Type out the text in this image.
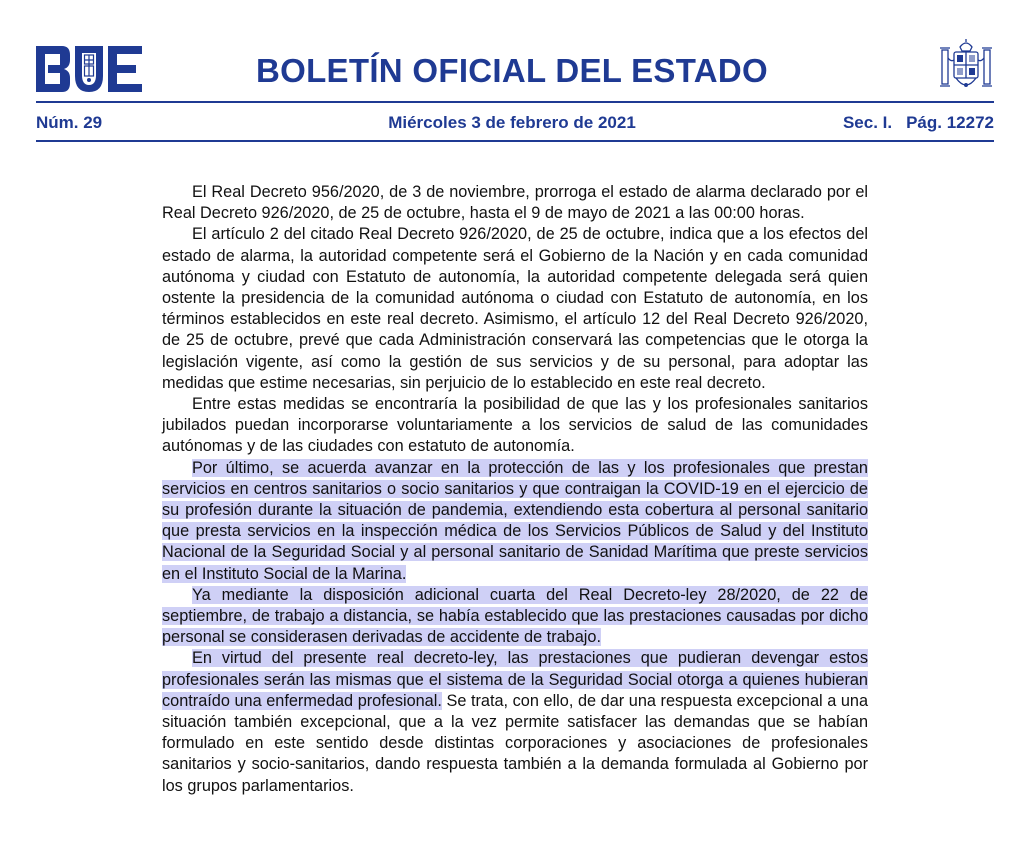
BOLETÍN OFICIAL DEL ESTADO
Núm. 29	Miércoles 3 de febrero de 2021	Sec. I. Pág. 12272

El Real Decreto 956/2020, de 3 de noviembre, prorroga el estado de alarma declarado por el Real Decreto 926/2020, de 25 de octubre, hasta el 9 de mayo de 2021 a las 00:00 horas.

El artículo 2 del citado Real Decreto 926/2020, de 25 de octubre, indica que a los efectos del estado de alarma, la autoridad competente será el Gobierno de la Nación y en cada comunidad autónoma y ciudad con Estatuto de autonomía, la autoridad competente delegada será quien ostente la presidencia de la comunidad autónoma o ciudad con Estatuto de autonomía, en los términos establecidos en este real decreto. Asimismo, el artículo 12 del Real Decreto 926/2020, de 25 de octubre, prevé que cada Administración conservará las competencias que le otorga la legislación vigente, así como la gestión de sus servicios y de su personal, para adoptar las medidas que estime necesarias, sin perjuicio de lo establecido en este real decreto.

Entre estas medidas se encontraría la posibilidad de que las y los profesionales sanitarios jubilados puedan incorporarse voluntariamente a los servicios de salud de las comunidades autónomas y de las ciudades con estatuto de autonomía.

Por último, se acuerda avanzar en la protección de las y los profesionales que prestan servicios en centros sanitarios o socio sanitarios y que contraigan la COVID-19 en el ejercicio de su profesión durante la situación de pandemia, extendiendo esta cobertura al personal sanitario que presta servicios en la inspección médica de los Servicios Públicos de Salud y del Instituto Nacional de la Seguridad Social y al personal sanitario de Sanidad Marítima que preste servicios en el Instituto Social de la Marina.

Ya mediante la disposición adicional cuarta del Real Decreto-ley 28/2020, de 22 de septiembre, de trabajo a distancia, se había establecido que las prestaciones causadas por dicho personal se considerasen derivadas de accidente de trabajo.

En virtud del presente real decreto-ley, las prestaciones que pudieran devengar estos profesionales serán las mismas que el sistema de la Seguridad Social otorga a quienes hubieran contraído una enfermedad profesional. Se trata, con ello, de dar una respuesta excepcional a una situación también excepcional, que a la vez permite satisfacer las demandas que se habían formulado en este sentido desde distintas corporaciones y asociaciones de profesionales sanitarios y socio-sanitarios, dando respuesta también a la demanda formulada al Gobierno por los grupos parlamentarios.
